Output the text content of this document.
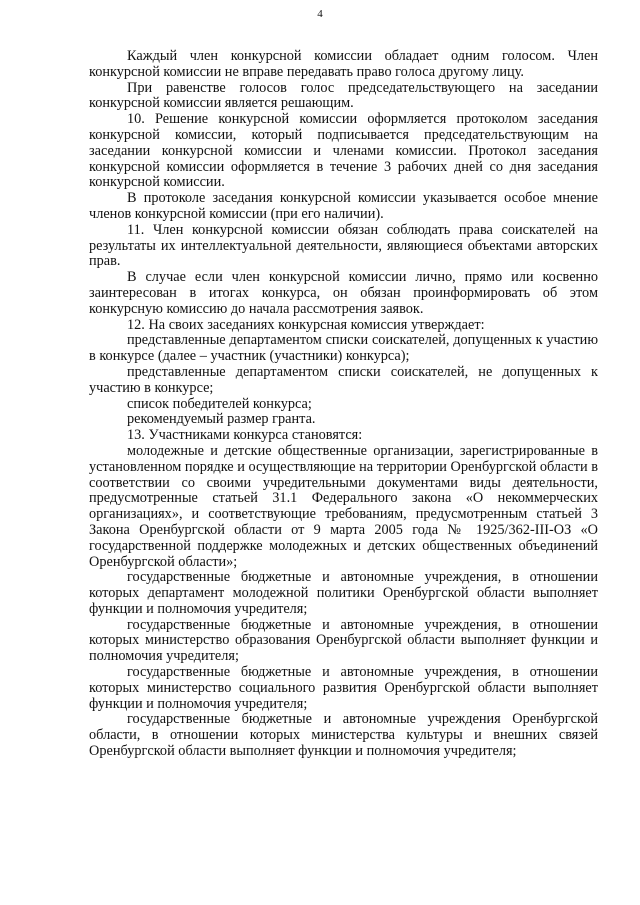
4

Каждый член конкурсной комиссии обладает одним голосом. Член конкурсной комиссии не вправе передавать право голоса другому лицу.

При равенстве голосов голос председательствующего на заседании конкурсной комиссии является решающим.

10. Решение конкурсной комиссии оформляется протоколом заседания конкурсной комиссии, который подписывается председательствующим на заседании конкурсной комиссии и членами комиссии. Протокол заседания конкурсной комиссии оформляется в течение 3 рабочих дней со дня заседания конкурсной комиссии.

В протоколе заседания конкурсной комиссии указывается особое мнение членов конкурсной комиссии (при его наличии).

11. Член конкурсной комиссии обязан соблюдать права соискателей на результаты их интеллектуальной деятельности, являющиеся объектами авторских прав.

В случае если член конкурсной комиссии лично, прямо или косвенно заинтересован в итогах конкурса, он обязан проинформировать об этом конкурсную комиссию до начала рассмотрения заявок.

12. На своих заседаниях конкурсная комиссия утверждает:

представленные департаментом списки соискателей, допущенных к участию в конкурсе (далее – участник (участники) конкурса);

представленные департаментом списки соискателей, не допущенных к участию в конкурсе;

список победителей конкурса;

рекомендуемый размер гранта.

13. Участниками конкурса становятся:

молодежные и детские общественные организации, зарегистрированные в установленном порядке и осуществляющие на территории Оренбургской области в соответствии со своими учредительными документами виды деятельности, предусмотренные статьей 31.1 Федерального закона «О некоммерческих организациях», и соответствующие требованиям, предусмотренным статьей 3 Закона Оренбургской области от 9 марта 2005 года № 1925/362-III-ОЗ «О государственной поддержке молодежных и детских общественных объединений Оренбургской области»;

государственные бюджетные и автономные учреждения, в отношении которых департамент молодежной политики Оренбургской области выполняет функции и полномочия учредителя;

государственные бюджетные и автономные учреждения, в отношении которых министерство образования Оренбургской области выполняет функции и полномочия учредителя;

государственные бюджетные и автономные учреждения, в отношении которых министерство социального развития Оренбургской области выполняет функции и полномочия учредителя;

государственные бюджетные и автономные учреждения Оренбургской области, в отношении которых министерства культуры и внешних связей Оренбургской области выполняет функции и полномочия учредителя;
